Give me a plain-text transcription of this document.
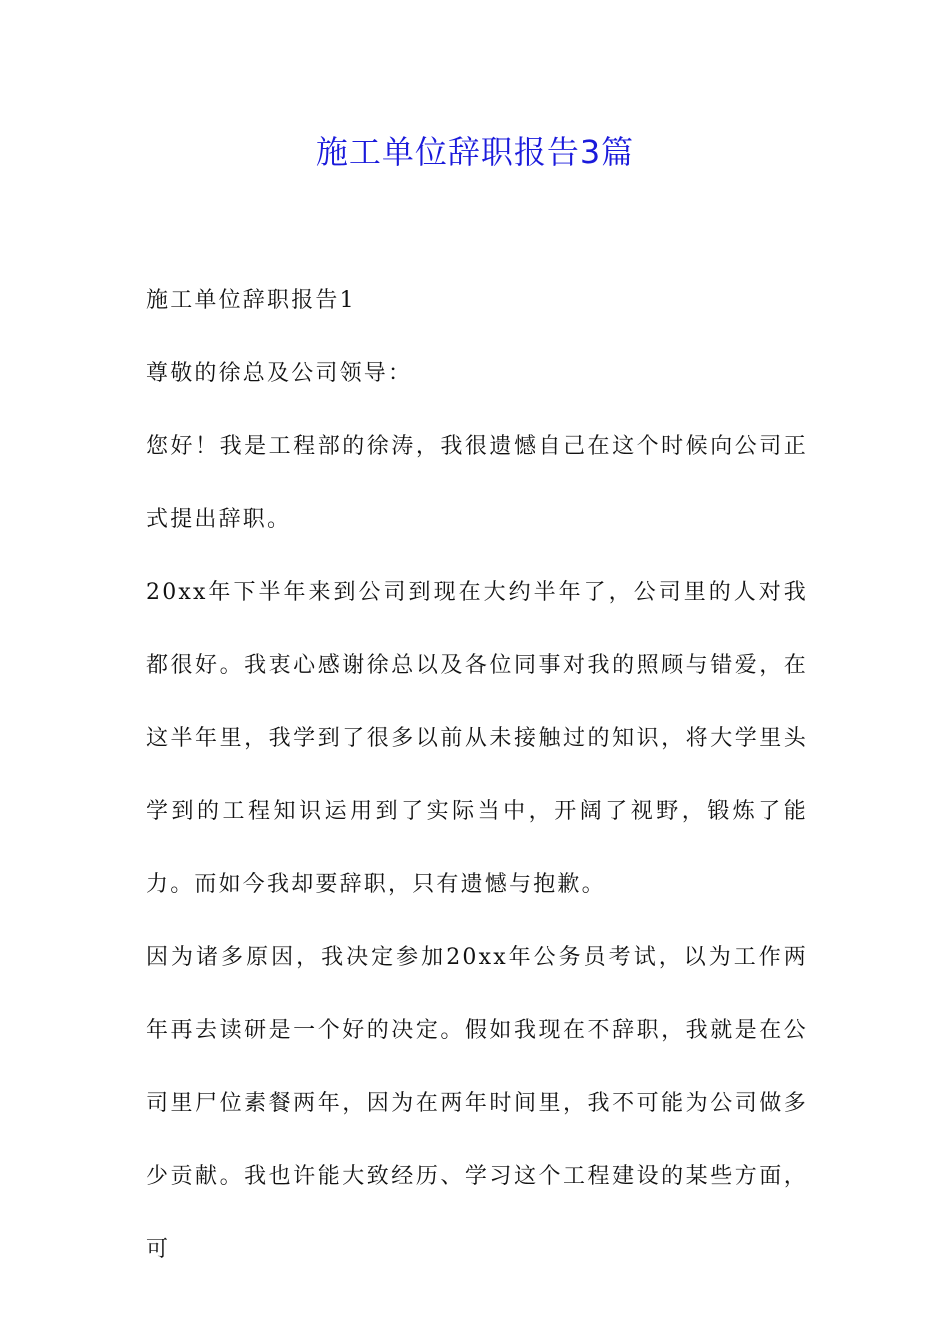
施工单位辞职报告3篇

施工单位辞职报告1

尊敬的徐总及公司领导：

您好！我是工程部的徐涛，我很遗憾自己在这个时候向公司正式提出辞职。

20xx年下半年来到公司到现在大约半年了，公司里的人对我都很好。我衷心感谢徐总以及各位同事对我的照顾与错爱，在这半年里，我学到了很多以前从未接触过的知识，将大学里头学到的工程知识运用到了实际当中，开阔了视野，锻炼了能力。而如今我却要辞职，只有遗憾与抱歉。

因为诸多原因，我决定参加20xx年公务员考试，以为工作两年再去读研是一个好的决定。假如我现在不辞职，我就是在公司里尸位素餐两年，因为在两年时间里，我不可能为公司做多少贡献。我也许能大致经历、学习这个工程建设的某些方面，可
